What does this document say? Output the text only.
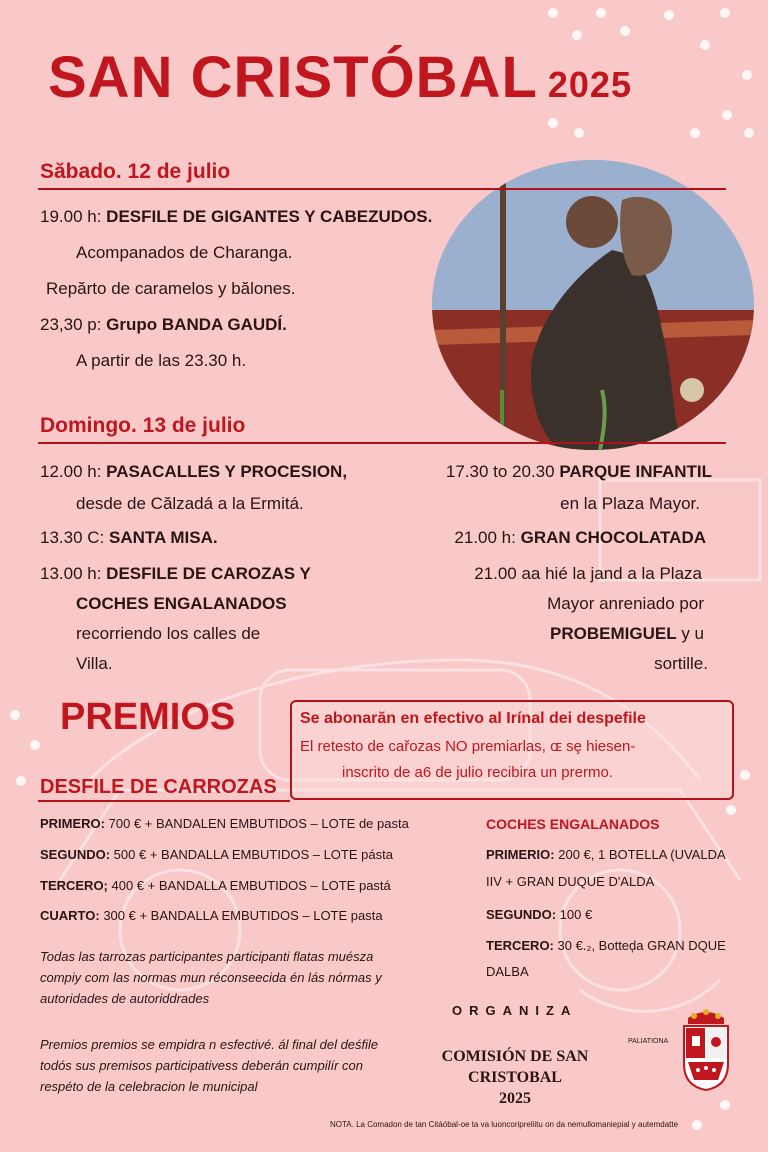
SAN CRISTÓBAL 2025
Săbado. 12 de julio
19.00 h: DESFILE DE GIGANTES Y CABEZUDOS.
Acompanados de Charanga.
Repărto de caramelos y bălones.
23,30 p: Grupo BANDA GAUDÍ.
A partir de las 23.30 h.
Domingo. 13 de julio
12.00 h: PASACALLES Y PROCESION,
desde de Călzadá a la Ermitá.
13.30 C: SANTA MISA.
13.00 h: DESFILE DE CAROZAS Y
COCHES ENGALANADOS
recorriendo los calles de
Villa.
17.30 to 20.30 PARQUE INFANTIL
en la Plaza Mayor.
21.00 h: GRAN CHOCOLATADA
21.00 aa hié la jand a la Plaza
Mayor anreniado por
PROBEMIGUEL y u
sortille.
PREMIOS	Se abonarăn en efectivo al Irínal dei despefile
El retesto de cařozas NO premiarlas, ɶ sȩ hiesen-
inscrito de a6 de julio recibira un prermo.
DESFILE DE CARROZAS
PRIMERO: 700 € + BANDALEN EMBUTIDOS – LOTE de pasta
SEGUNDO: 500 € + BANDALLA EMBUTIDOS – LOTE pásta
TERCERO; 400 € + BANDALLA EMBUTIDOS – LOTE pastá
CUARTO: 300 € + BANDALLA EMBUTIDOS – LOTE pasta
COCHES ENGALANADOS
PRIMERIO: 200 €, 1 BOTELLA (UVALDA
IIV + GRAN DUQUE D'ALDA
SEGUNDO: 100 €
TERCERO: 30 €.₂, Botteḑa GRAN DQUE
DALBA
Todas las tarrozas participantes participanti flatas muésza compiy com las normas mun réconseecida én lás nórmas y autoridades de autoriddrades
Premios premios se empidra n esfectivé. ál final del deśfile todós sus premisos participativess deberán cumpilír con respéto de la celebracion le municipal
ORGANIZA
COMISIÓN DE SAN
CRISTOBAL
2025
PALIATIONA
NOTA. La Comadon de tan Citáóbal-oe ta va luoncoripreliitu on da nemullomaniepial y autemdatte
